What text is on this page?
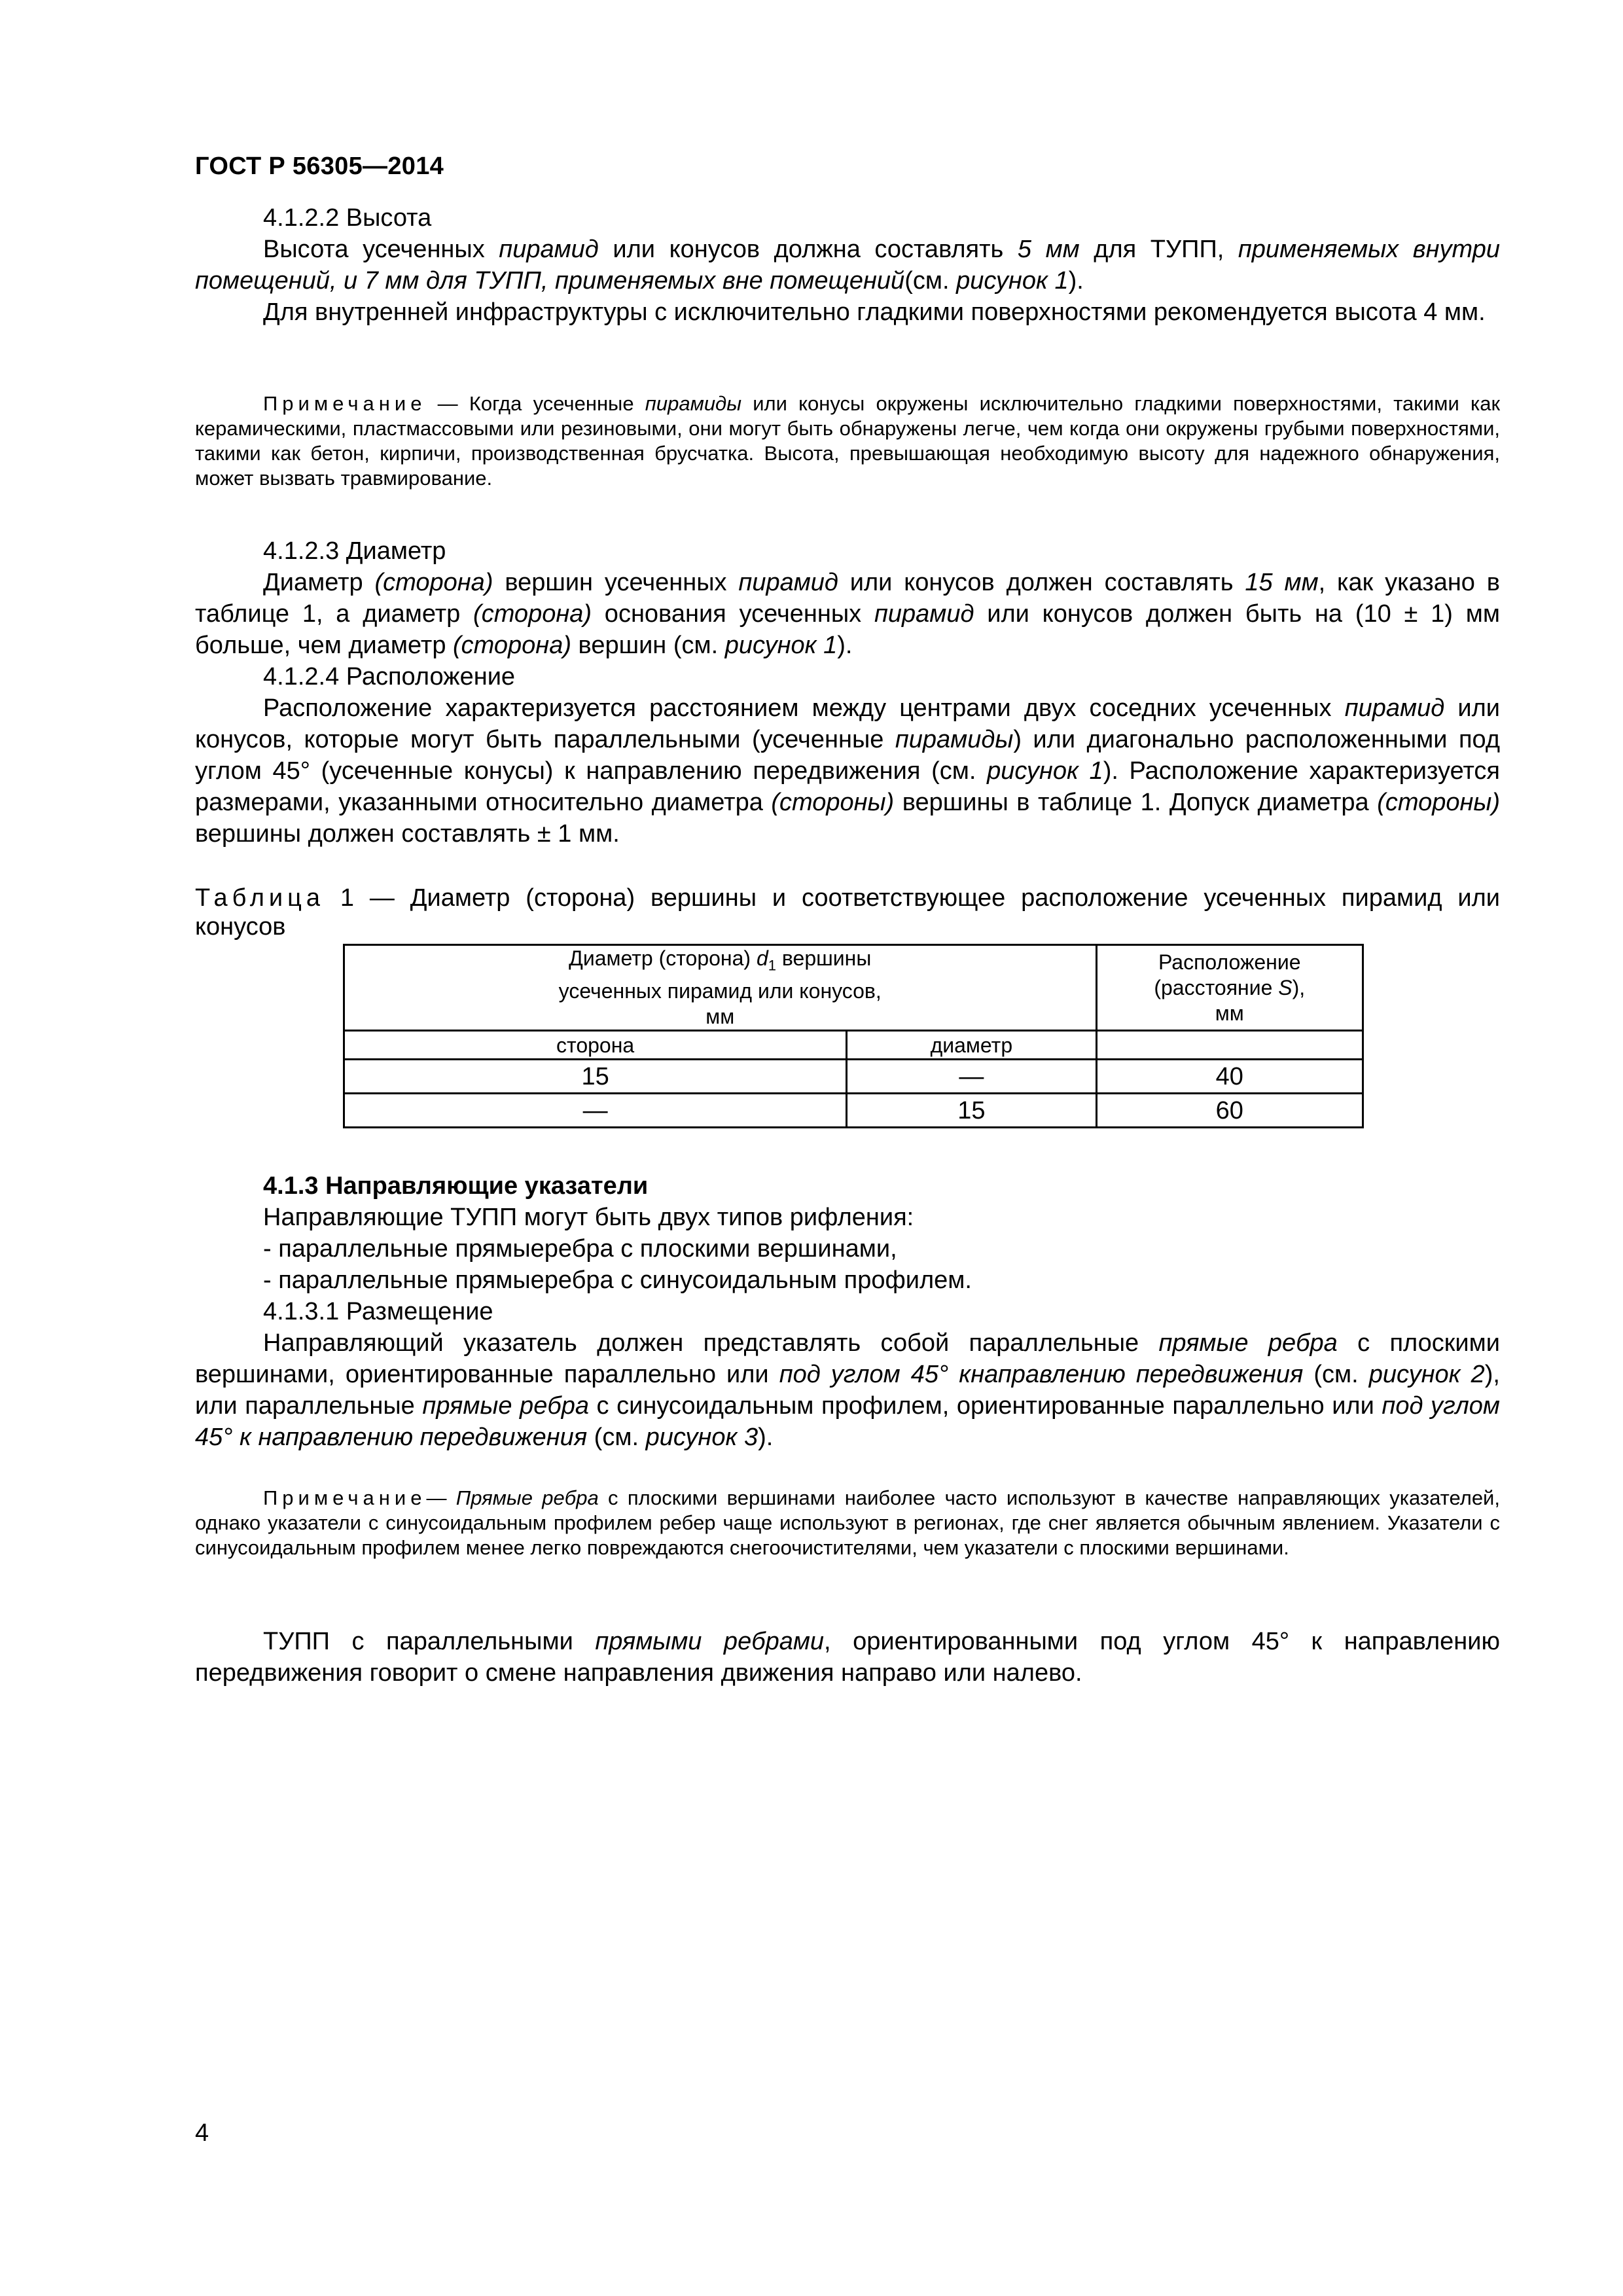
ГОСТ Р 56305—2014

4.1.2.2 Высота

Высота усеченных пирамид или конусов должна составлять 5 мм для ТУПП, применяемых внутри помещений, и 7 мм для ТУПП, применяемых вне помещений(см. рисунок 1).

Для внутренней инфраструктуры с исключительно гладкими поверхностями рекомендуется высота 4 мм.

Примечание — Когда усеченные пирамиды или конусы окружены исключительно гладкими поверхностями, такими как керамическими, пластмассовыми или резиновыми, они могут быть обнаружены легче, чем когда они окружены грубыми поверхностями, такими как бетон, кирпичи, производственная брусчатка. Высота, превышающая необходимую высоту для надежного обнаружения, может вызвать травмирование.

4.1.2.3 Диаметр

Диаметр (сторона) вершин усеченных пирамид или конусов должен составлять 15 мм, как указано в таблице 1, а диаметр (сторона) основания усеченных пирамид или конусов должен быть на (10 ± 1) мм больше, чем диаметр (сторона) вершин (см. рисунок 1).

4.1.2.4 Расположение

Расположение характеризуется расстоянием между центрами двух соседних усеченных пирамид или конусов, которые могут быть параллельными (усеченные пирамиды) или диагонально расположенными под углом 45° (усеченные конусы) к направлению передвижения (см. рисунок 1). Расположение характеризуется размерами, указанными относительно диаметра (стороны) вершины в таблице 1. Допуск диаметра (стороны) вершины должен составлять ± 1 мм.

Таблица 1 — Диаметр (сторона) вершины и соответствующее расположение усеченных пирамид или конусов

Диаметр (сторона) $d_1$ вершины
усеченных пирамид или конусов,
мм		Расположение
(расстояние S),
мм
сторона	диаметр	
15	—	40
—	15	60

4.1.3 Направляющие указатели

Направляющие ТУПП могут быть двух типов рифления:

- параллельные прямыеребра с плоскими вершинами,

- параллельные прямыеребра с синусоидальным профилем.

4.1.3.1 Размещение

Направляющий указатель должен представлять собой параллельные прямые ребра с плоскими вершинами, ориентированные параллельно или под углом 45° кнаправлению передвижения (см. рисунок 2), или параллельные прямые ребра с синусоидальным профилем, ориентированные параллельно или под углом 45° к направлению передвижения (см. рисунок 3).

Примечание— Прямые ребра с плоскими вершинами наиболее часто используют в качестве направляющих указателей, однако указатели с синусоидальным профилем ребер чаще используют в регионах, где снег является обычным явлением. Указатели с синусоидальным профилем менее легко повреждаются снегоочистителями, чем указатели с плоскими вершинами.

ТУПП с параллельными прямыми ребрами, ориентированными под углом 45° к направлению передвижения говорит о смене направления движения направо или налево.

4
